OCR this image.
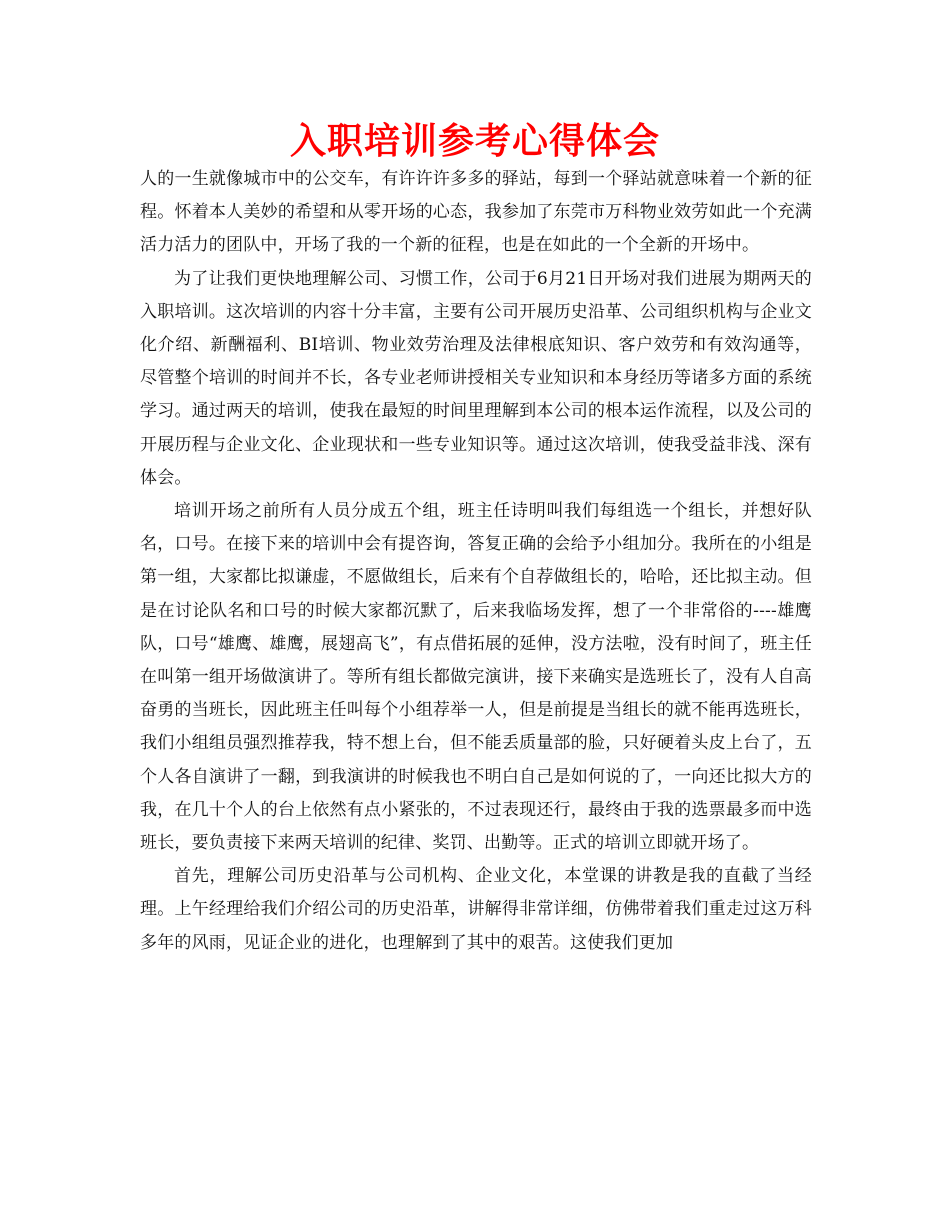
入职培训参考心得体会

人的一生就像城市中的公交车，有许许许多多的驿站，每到一个驿站就意味着一个新的征程。怀着本人美妙的希望和从零开场的心态，我参加了东莞市万科物业效劳如此一个充满活力活力的团队中，开场了我的一个新的征程，也是在如此的一个全新的开场中。

为了让我们更快地理解公司、习惯工作，公司于6月21日开场对我们进展为期两天的入职培训。这次培训的内容十分丰富，主要有公司开展历史沿革、公司组织机构与企业文化介绍、新酬福利、BI培训、物业效劳治理及法律根底知识、客户效劳和有效沟通等，尽管整个培训的时间并不长，各专业老师讲授相关专业知识和本身经历等诸多方面的系统学习。通过两天的培训，使我在最短的时间里理解到本公司的根本运作流程，以及公司的开展历程与企业文化、企业现状和一些专业知识等。通过这次培训，使我受益非浅、深有体会。

培训开场之前所有人员分成五个组，班主任诗明叫我们每组选一个组长，并想好队名，口号。在接下来的培训中会有提咨询，答复正确的会给予小组加分。我所在的小组是第一组，大家都比拟谦虚，不愿做组长，后来有个自荐做组长的，哈哈，还比拟主动。但是在讨论队名和口号的时候大家都沉默了，后来我临场发挥，想了一个非常俗的----雄鹰队，口号“雄鹰、雄鹰，展翅高飞”，有点借拓展的延伸，没方法啦，没有时间了，班主任在叫第一组开场做演讲了。等所有组长都做完演讲，接下来确实是选班长了，没有人自高奋勇的当班长，因此班主任叫每个小组荐举一人，但是前提是当组长的就不能再选班长，我们小组组员强烈推荐我，特不想上台，但不能丢质量部的脸，只好硬着头皮上台了，五个人各自演讲了一翻，到我演讲的时候我也不明白自己是如何说的了，一向还比拟大方的我，在几十个人的台上依然有点小紧张的，不过表现还行，最终由于我的选票最多而中选班长，要负责接下来两天培训的纪律、奖罚、出勤等。正式的培训立即就开场了。

首先，理解公司历史沿革与公司机构、企业文化，本堂课的讲教是我的直截了当经理。上午经理给我们介绍公司的历史沿革，讲解得非常详细，仿佛带着我们重走过这万科多年的风雨，见证企业的进化，也理解到了其中的艰苦。这使我们更加
